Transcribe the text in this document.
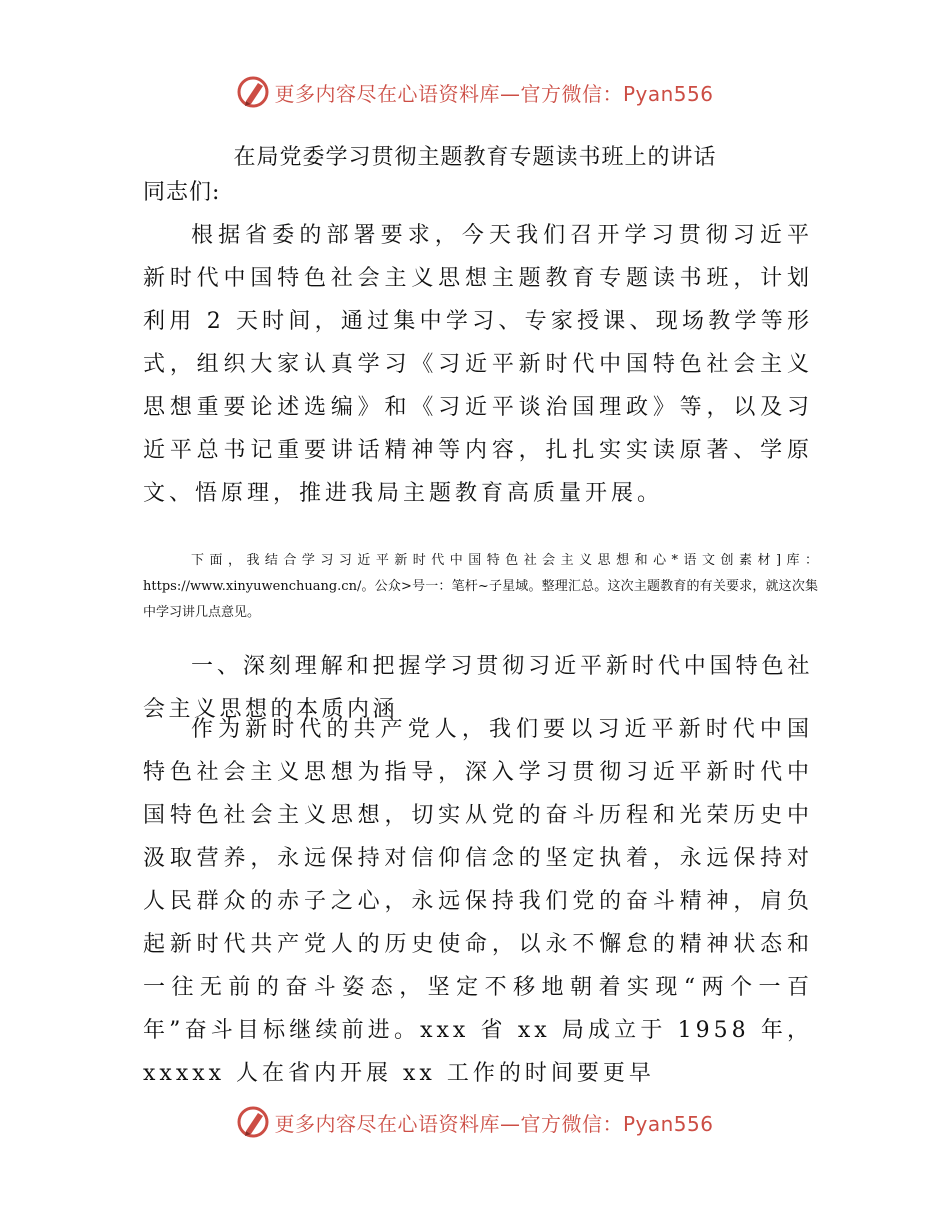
更多内容尽在心语资料库—官方微信：Pyan556
在局党委学习贯彻主题教育专题读书班上的讲话

同志们:

根据省委的部署要求，今天我们召开学习贯彻习近平新时代中国特色社会主义思想主题教育专题读书班，计划利用 2 天时间，通过集中学习、专家授课、现场教学等形式，组织大家认真学习《习近平新时代中国特色社会主义思想重要论述选编》和《习近平谈治国理政》等，以及习近平总书记重要讲话精神等内容，扎扎实实读原著、学原文、悟原理，推进我局主题教育高质量开展。

下面，我结合学习习近平新时代中国特色社会主义思想和心*语文创素材]库：https://www.xinyuwenchuang.cn/。公众>号一：笔杆~子星域。整理汇总。这次主题教育的有关要求，就这次集中学习讲几点意见。

一、深刻理解和把握学习贯彻习近平新时代中国特色社会主义思想的本质内涵

作为新时代的共产党人，我们要以习近平新时代中国特色社会主义思想为指导，深入学习贯彻习近平新时代中国特色社会主义思想，切实从党的奋斗历程和光荣历史中汲取营养，永远保持对信仰信念的坚定执着，永远保持对人民群众的赤子之心，永远保持我们党的奋斗精神，肩负起新时代共产党人的历史使命，以永不懈怠的精神状态和一往无前的奋斗姿态，坚定不移地朝着实现“两个一百年”奋斗目标继续前进。xxx 省 xx 局成立于 1958 年，xxxxx 人在省内开展 xx 工作的时间要更早

更多内容尽在心语资料库—官方微信：Pyan556
